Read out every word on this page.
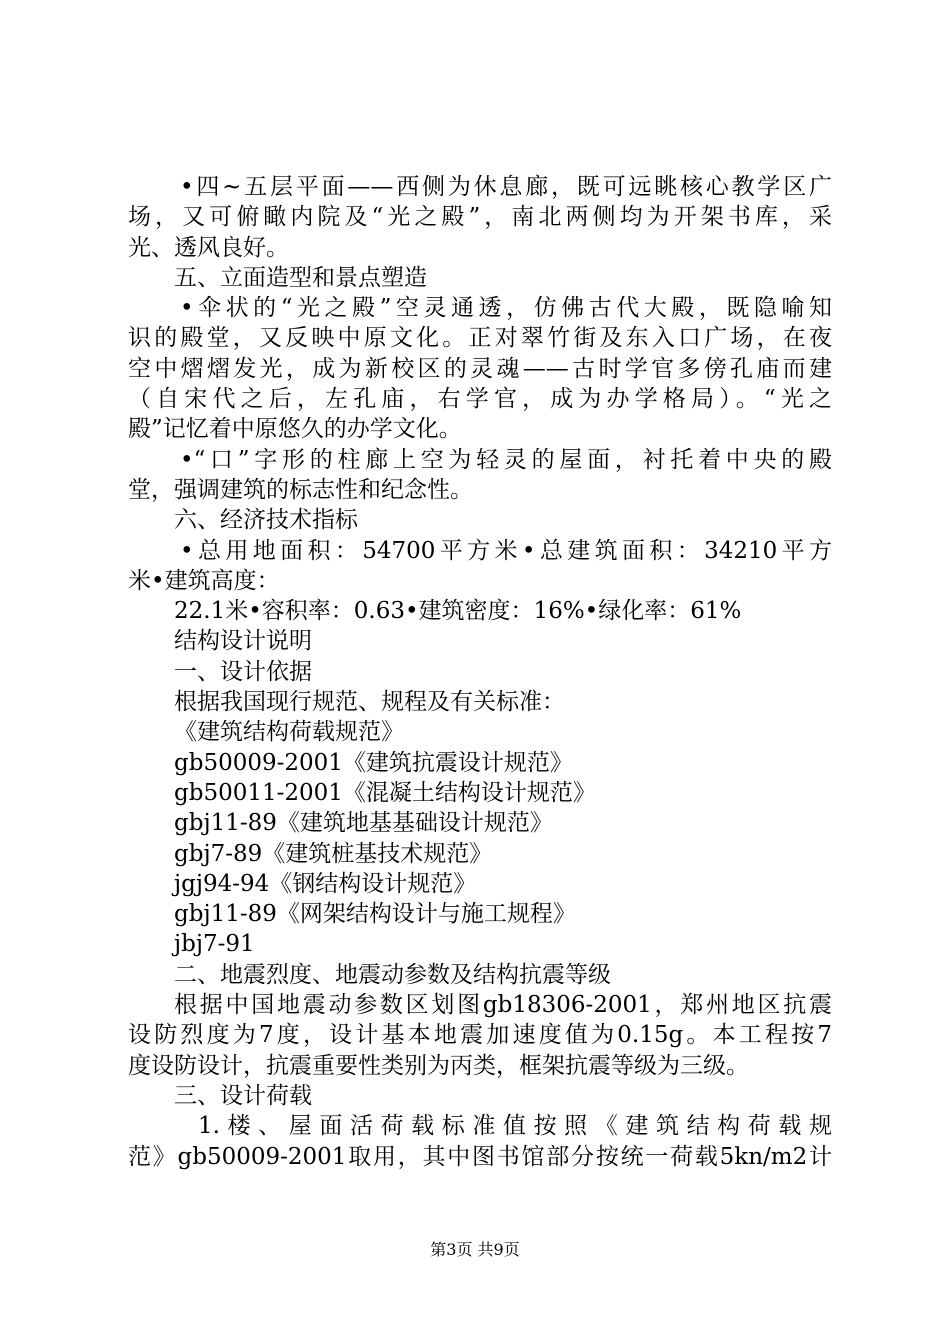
•四~五层平面——西侧为休息廊，既可远眺核心教学区广
场，又可俯瞰内院及“光之殿”，南北两侧均为开架书库，采
光、透风良好。
五、立面造型和景点塑造
•伞状的“光之殿”空灵通透，仿佛古代大殿，既隐喻知
识的殿堂，又反映中原文化。正对翠竹街及东入口广场，在夜
空中熠熠发光，成为新校区的灵魂——古时学官多傍孔庙而建
（自宋代之后，左孔庙，右学官，成为办学格局）。“光之
殿”记忆着中原悠久的办学文化。
•“口”字形的柱廊上空为轻灵的屋面，衬托着中央的殿
堂，强调建筑的标志性和纪念性。
六、经济技术指标
•总用地面积：54700平方米•总建筑面积：34210平方
米•建筑高度：
22.1米•容积率：0.63•建筑密度：16%•绿化率：61%
结构设计说明
一、设计依据
根据我国现行规范、规程及有关标准：
《建筑结构荷载规范》
gb50009-2001《建筑抗震设计规范》
gb50011-2001《混凝土结构设计规范》
gbj11-89《建筑地基基础设计规范》
gbj7-89《建筑桩基技术规范》
jgj94-94《钢结构设计规范》
gbj11-89《网架结构设计与施工规程》
jbj7-91
二、地震烈度、地震动参数及结构抗震等级
根据中国地震动参数区划图gb18306-2001，郑州地区抗震
设防烈度为7度，设计基本地震加速度值为0.15g。本工程按7
度设防设计，抗震重要性类别为丙类，框架抗震等级为三级。
三、设计荷载
1.楼、屋面活荷载标准值按照《建筑结构荷载规
范》gb50009-2001取用，其中图书馆部分按统一荷载5kn/m2计
第3页 共9页
